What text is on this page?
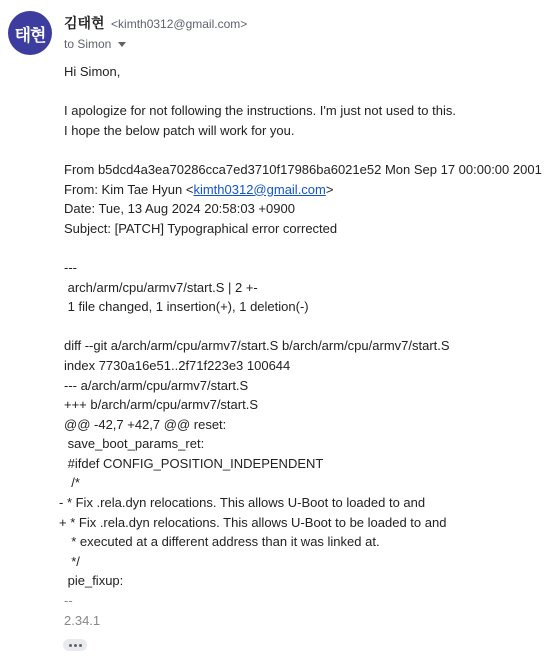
태현
김태현 <kimth0312@gmail.com>
to Simon
Hi Simon,
I apologize for not following the instructions. I'm just not used to this.
I hope the below patch will work for you.
From b5dcd4a3ea70286cca7ed3710f17986ba6021e52 Mon Sep 17 00:00:00 2001
From: Kim Tae Hyun <kimth0312@gmail.com>
Date: Tue, 13 Aug 2024 20:58:03 +0900
Subject: [PATCH] Typographical error corrected
---
arch/arm/cpu/armv7/start.S | 2 +-
1 file changed, 1 insertion(+), 1 deletion(-)
diff --git a/arch/arm/cpu/armv7/start.S b/arch/arm/cpu/armv7/start.S
index 7730a16e51..2f71f223e3 100644
--- a/arch/arm/cpu/armv7/start.S
+++ b/arch/arm/cpu/armv7/start.S
@@ -42,7 +42,7 @@ reset:
save_boot_params_ret:
#ifdef CONFIG_POSITION_INDEPENDENT
/*
- * Fix .rela.dyn relocations. This allows U-Boot to loaded to and
+ * Fix .rela.dyn relocations. This allows U-Boot to be loaded to and
* executed at a different address than it was linked at.
*/
pie_fixup:
--
2.34.1
